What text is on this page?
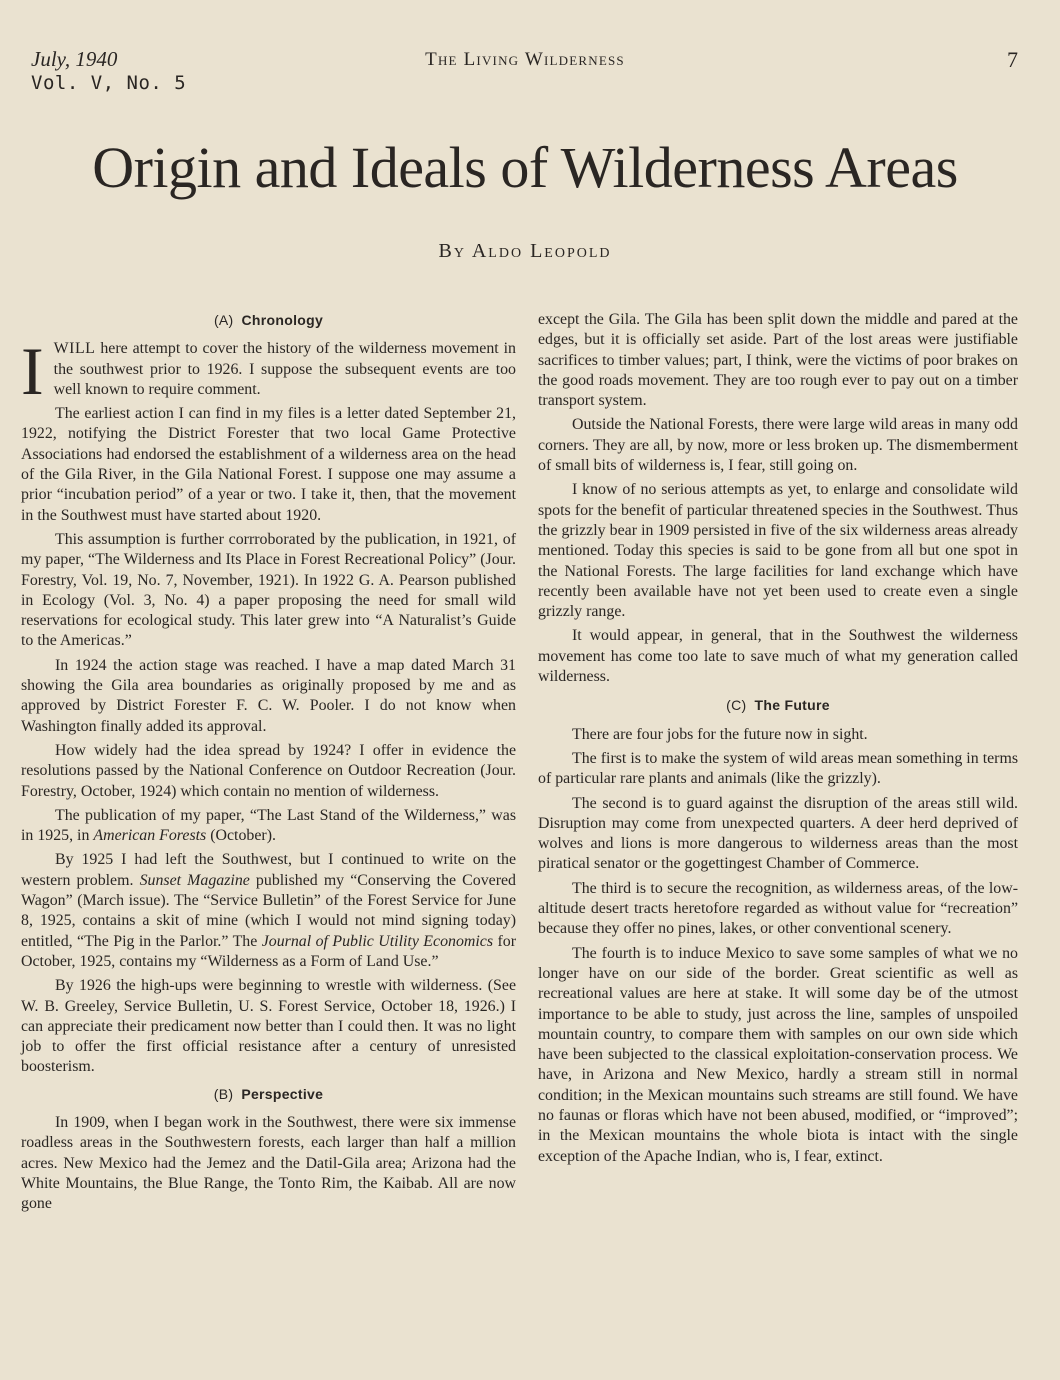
July, 1940
Vol. V, No. 5
The Living Wilderness	7
Origin and Ideals of Wilderness Areas
By Aldo Leopold
(A) Chronology

IWILL here attempt to cover the history of the wilderness movement in the southwest prior to 1926. I suppose the subsequent events are too well known to require comment.

The earliest action I can find in my files is a letter dated September 21, 1922, notifying the District Forester that two local Game Protective Associations had endorsed the establishment of a wilderness area on the head of the Gila River, in the Gila National Forest. I suppose one may assume a prior “incubation period” of a year or two. I take it, then, that the movement in the Southwest must have started about 1920.

This assumption is further corrroborated by the publication, in 1921, of my paper, “The Wilderness and Its Place in Forest Recreational Policy” (Jour. Forestry, Vol. 19, No. 7, November, 1921). In 1922 G. A. Pearson published in Ecology (Vol. 3, No. 4) a paper proposing the need for small wild reservations for ecological study. This later grew into “A Naturalist’s Guide to the Americas.”

In 1924 the action stage was reached. I have a map dated March 31 showing the Gila area boundaries as originally proposed by me and as approved by District Forester F. C. W. Pooler. I do not know when Washington finally added its approval.

How widely had the idea spread by 1924? I offer in evidence the resolutions passed by the National Conference on Outdoor Recreation (Jour. Forestry, October, 1924) which contain no mention of wilderness.

The publication of my paper, “The Last Stand of the Wilderness,” was in 1925, in American Forests (October).

By 1925 I had left the Southwest, but I continued to write on the western problem. Sunset Magazine published my “Conserving the Covered Wagon” (March issue). The “Service Bulletin” of the Forest Service for June 8, 1925, contains a skit of mine (which I would not mind signing today) entitled, “The Pig in the Parlor.” The Journal of Public Utility Economics for October, 1925, contains my “Wilderness as a Form of Land Use.”

By 1926 the high-ups were beginning to wrestle with wilderness. (See W. B. Greeley, Service Bulletin, U. S. Forest Service, October 18, 1926.) I can appreciate their predicament now better than I could then. It was no light job to offer the first official resistance after a century of unresisted boosterism.

(B) Perspective

In 1909, when I began work in the Southwest, there were six immense roadless areas in the Southwestern forests, each larger than half a million acres. New Mexico had the Jemez and the Datil-Gila area; Arizona had the White Mountains, the Blue Range, the Tonto Rim, the Kaibab. All are now gone

except the Gila. The Gila has been split down the middle and pared at the edges, but it is officially set aside. Part of the lost areas were justifiable sacrifices to timber values; part, I think, were the victims of poor brakes on the good roads movement. They are too rough ever to pay out on a timber transport system.

Outside the National Forests, there were large wild areas in many odd corners. They are all, by now, more or less broken up. The dismemberment of small bits of wilderness is, I fear, still going on.

I know of no serious attempts as yet, to enlarge and consolidate wild spots for the benefit of particular threatened species in the Southwest. Thus the grizzly bear in 1909 persisted in five of the six wilderness areas already mentioned. Today this species is said to be gone from all but one spot in the National Forests. The large facilities for land exchange which have recently been available have not yet been used to create even a single grizzly range.

It would appear, in general, that in the Southwest the wilderness movement has come too late to save much of what my generation called wilderness.

(C) The Future

There are four jobs for the future now in sight.

The first is to make the system of wild areas mean something in terms of particular rare plants and animals (like the grizzly).

The second is to guard against the disruption of the areas still wild. Disruption may come from unexpected quarters. A deer herd deprived of wolves and lions is more dangerous to wilderness areas than the most piratical senator or the gogettingest Chamber of Commerce.

The third is to secure the recognition, as wilderness areas, of the low-altitude desert tracts heretofore regarded as without value for “recreation” because they offer no pines, lakes, or other conventional scenery.

The fourth is to induce Mexico to save some samples of what we no longer have on our side of the border. Great scientific as well as recreational values are here at stake. It will some day be of the utmost importance to be able to study, just across the line, samples of unspoiled mountain country, to compare them with samples on our own side which have been subjected to the classical exploitation-conservation process. We have, in Arizona and New Mexico, hardly a stream still in normal condition; in the Mexican mountains such streams are still found. We have no faunas or floras which have not been abused, modified, or “improved”; in the Mexican mountains the whole biota is intact with the single exception of the Apache Indian, who is, I fear, extinct.
